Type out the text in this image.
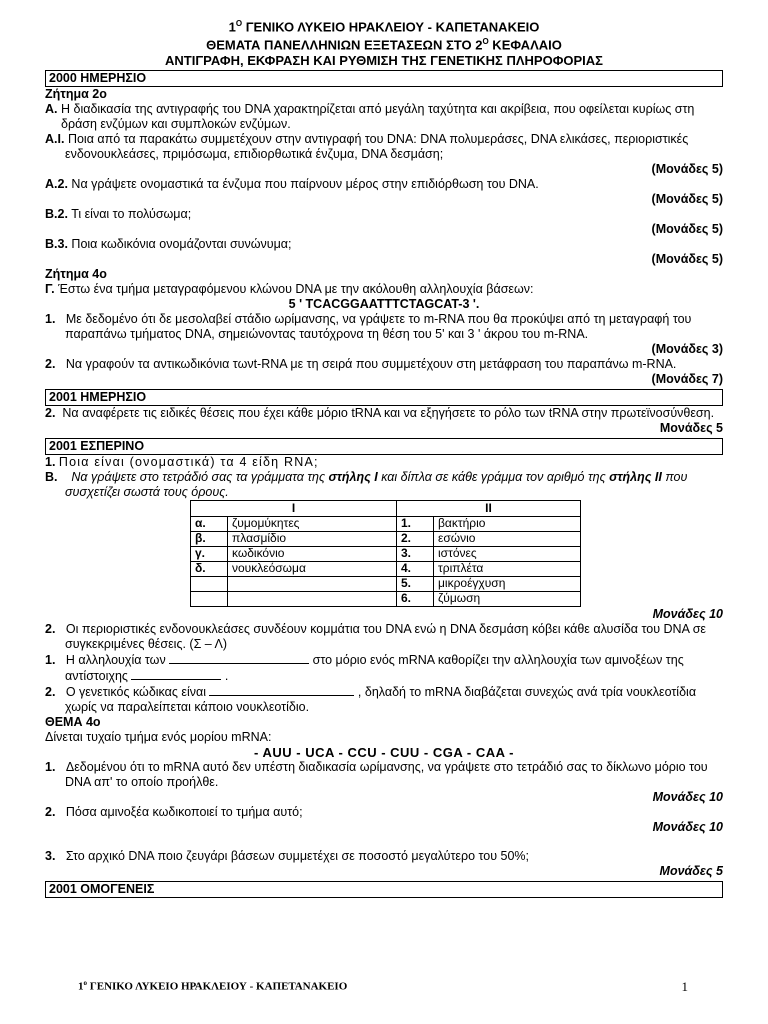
$1^O$ ΓΕΝΙΚΟ ΛΥΚΕΙΟ ΗΡΑΚΛΕΙΟΥ - ΚΑΠΕΤΑΝΑΚΕΙΟ
ΘΕΜΑΤΑ ΠΑΝΕΛΛΗΝΙΩΝ ΕΞΕΤΑΣΕΩΝ ΣΤΟ $2^O$ ΚΕΦΑΛΑΙΟ
ΑΝΤΙΓΡΑΦΗ, ΕΚΦΡΑΣΗ ΚΑΙ ΡΥΘΜΙΣΗ ΤΗΣ ΓΕΝΕΤΙΚΗΣ ΠΛΗΡΟΦΟΡΙΑΣ
2000 ΗΜΕΡΗΣΙΟ

Ζήτημα 2ο

Α. Η διαδικασία της αντιγραφής του DNA χαρακτηρίζεται από μεγάλη ταχύτητα και ακρίβεια, που οφείλεται κυρίως στη δράση ενζύμων και συμπλοκών ενζύμων.

Α.Ι. Ποια από τα παρακάτω συμμετέχουν στην αντιγραφή του DNA: DNA πολυμεράσες, DNA ελικάσες, περιοριστικές ενδονουκλεάσες, πριμόσωμα, επιδιορθωτικά ένζυμα, DNA δεσμάση;

(Μονάδες 5)

Α.2. Να γράψετε ονομαστικά τα ένζυμα που παίρνουν μέρος στην επιδιόρθωση του DNA.

(Μονάδες 5)

Β.2. Τι είναι το πολύσωμα;

(Μονάδες 5)

Β.3. Ποια κωδικόνια ονομάζονται συνώνυμα;

(Μονάδες 5)

Ζήτημα 4ο

Γ. Έστω ένα τμήμα μεταγραφόμενου κλώνου DNA με την ακόλουθη αλληλουχία βάσεων:

5 ' TCACGGAATTTCTAGCAT-3 '.

1. Με δεδομένο ότι δε μεσολαβεί στάδιο ωρίμανσης, να γράψετε το m-RNA που θα προκύψει από τη μεταγραφή του παραπάνω τμήματος DNA, σημειώνοντας ταυτόχρονα τη θέση του 5' και 3 ' άκρου του m-RNA.

(Μονάδες 3)

2. Να γραφούν τα αντικωδικόνια τωνt-RNA με τη σειρά που συμμετέχουν στη μετάφραση του παραπάνω m-RNA.

(Μονάδες 7)
2001 ΗΜΕΡΗΣΙΟ

2. Να αναφέρετε τις ειδικές θέσεις που έχει κάθε μόριο tRNA και να εξηγήσετε το ρόλο των tRNA στην πρωτεϊνοσύνθεση.

Μονάδες 5
2001 ΕΣΠΕΡΙΝΟ

1. Ποια είναι (ονομαστικά) τα 4 είδη RNA;

Β. Να γράψετε στο τετράδιό σας τα γράμματα της στήλης Ι και δίπλα σε κάθε γράμμα τον αριθμό της στήλης ΙΙ που συσχετίζει σωστά τους όρους.

Ι		ΙΙ	
α.	ζυμομύκητες	1.	βακτήριο
β.	πλασμίδιο	2.	εσώνιο
γ.	κωδικόνιο	3.	ιστόνες
δ.	νουκλεόσωμα	4.	τριπλέτα
		5.	μικροέγχυση
		6.	ζύμωση
Μονάδες 10

2. Οι περιοριστικές ενδονουκλεάσες συνδέουν κομμάτια του DNA ενώ η DNA δεσμάση κόβει κάθε αλυσίδα του DNA σε συγκεκριμένες θέσεις. (Σ – Λ)

1. Η αλληλουχία των	στο μόριο ενός mRNA καθορίζει την αλληλουχία των αμινοξέων της αντίστοιχης	.

2. Ο γενετικός κώδικας είναι	, δηλαδή το mRNA διαβάζεται συνεχώς ανά τρία νουκλεοτίδια χωρίς να παραλείπεται κάποιο νουκλεοτίδιο.

ΘΕΜΑ 4ο

Δίνεται τυχαίο τμήμα ενός μορίου mRNA:

- AUU - UCA - CCU - CUU - CGA - CAA -

1. Δεδομένου ότι το mRNA αυτό δεν υπέστη διαδικασία ωρίμανσης, να γράψετε στο τετράδιό σας το δίκλωνο μόριο του DNA απ' το οποίο προήλθε.

Μονάδες 10

2. Πόσα αμινοξέα κωδικοποιεί το τμήμα αυτό;

Μονάδες 10

3. Στο αρχικό DNA ποιο ζευγάρι βάσεων συμμετέχει σε ποσοστό μεγαλύτερο του 50%;

Μονάδες 5
2001 ΟΜΟΓΕΝΕΙΣ
$1^o$ ΓΕΝΙΚΟ ΛΥΚΕΙΟ ΗΡΑΚΛΕΙΟΥ - ΚΑΠΕΤΑΝΑΚΕΙΟ	1
